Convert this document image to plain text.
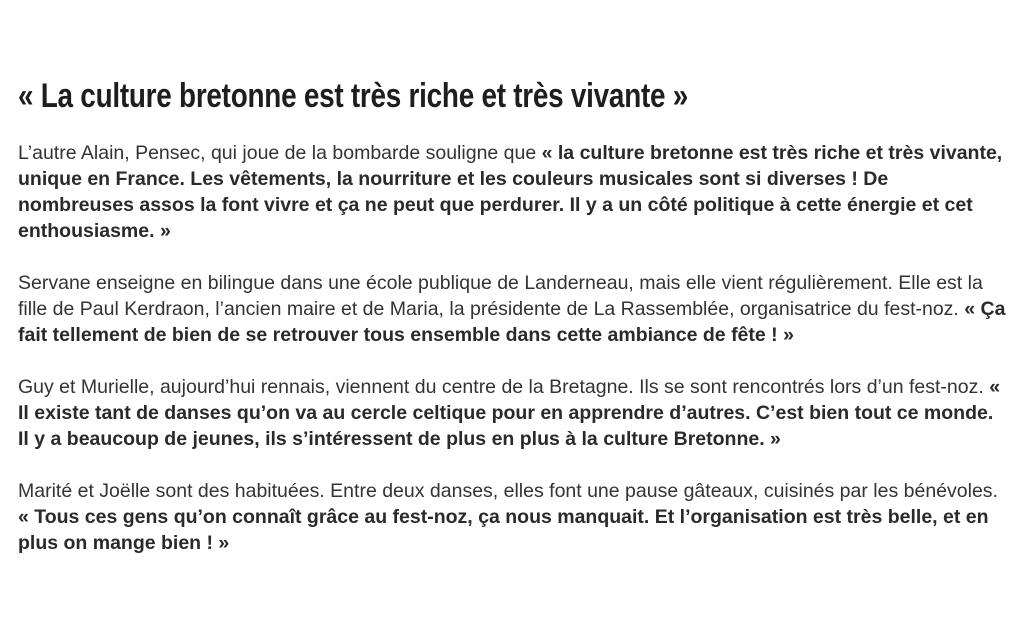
« La culture bretonne est très riche et très vivante »

L’autre Alain, Pensec, qui joue de la bombarde souligne que « la culture bretonne est très riche et très vivante, unique en France. Les vêtements, la nourriture et les couleurs musicales sont si diverses ! De nombreuses assos la font vivre et ça ne peut que perdurer. Il y a un côté politique à cette énergie et cet enthousiasme. »

Servane enseigne en bilingue dans une école publique de Landerneau, mais elle vient régulièrement. Elle est la fille de Paul Kerdraon, l’ancien maire et de Maria, la présidente de La Rassemblée, organisatrice du fest-noz. « Ça fait tellement de bien de se retrouver tous ensemble dans cette ambiance de fête ! »

Guy et Murielle, aujourd’hui rennais, viennent du centre de la Bretagne. Ils se sont rencontrés lors d’un fest-noz. « Il existe tant de danses qu’on va au cercle celtique pour en apprendre d’autres. C’est bien tout ce monde. Il y a beaucoup de jeunes, ils s’intéressent de plus en plus à la culture Bretonne. »

Marité et Joëlle sont des habituées. Entre deux danses, elles font une pause gâteaux, cuisinés par les bénévoles. « Tous ces gens qu’on connaît grâce au fest-noz, ça nous manquait. Et l’organisation est très belle, et en plus on mange bien ! »
